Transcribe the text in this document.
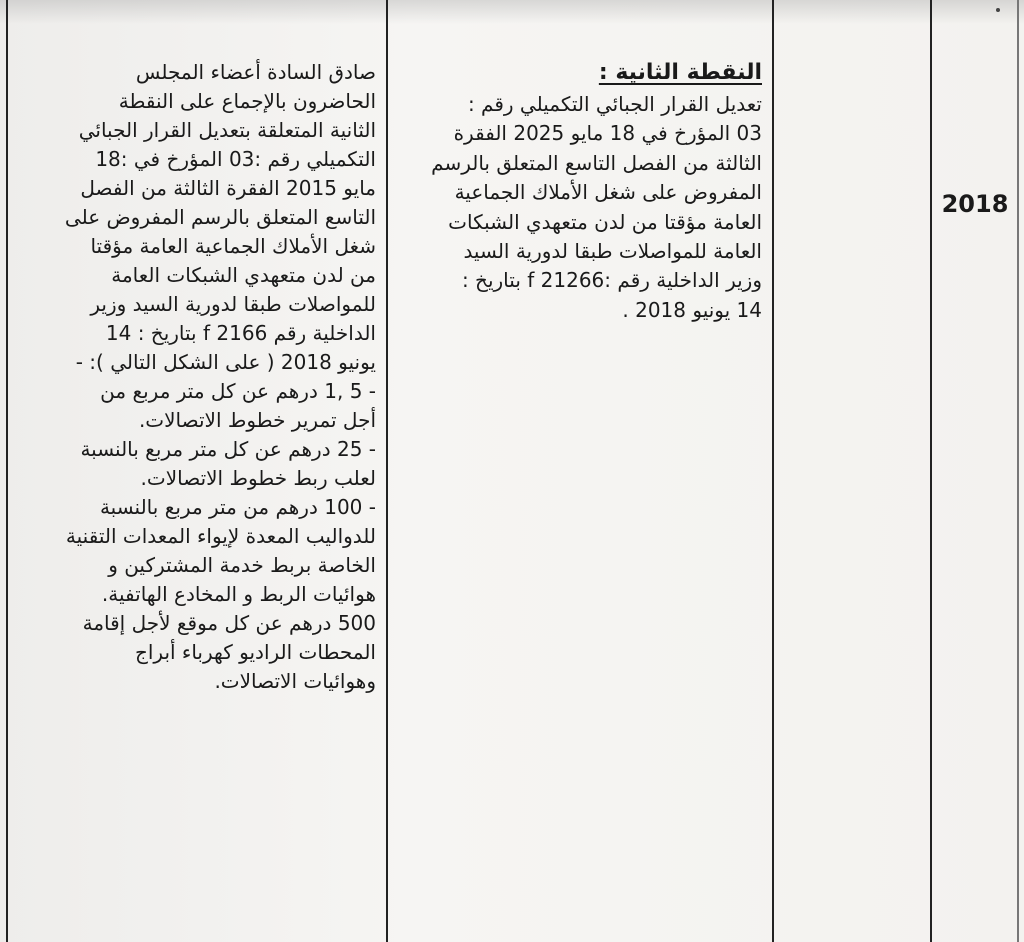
2018

النقطة الثانية :

تعديل القرار الجبائي التكميلي رقم :

03 المؤرخ في 18 مايو 2025 الفقرة

الثالثة من الفصل التاسع المتعلق بالرسم

المفروض على شغل الأملاك الجماعية

العامة مؤقتا من لدن متعهدي الشبكات

العامة للمواصلات طبقا لدورية السيد

وزير الداخلية رقم :21266 f بتاريخ :

14 يونيو 2018 .

صادق السادة أعضاء المجلس

الحاضرون بالإجماع على النقطة

الثانية المتعلقة بتعديل القرار الجبائي

التكميلي رقم :03 المؤرخ في :18

مايو 2015 الفقرة الثالثة من الفصل

التاسع المتعلق بالرسم المفروض على

شغل الأملاك الجماعية العامة مؤقتا

من لدن متعهدي الشبكات العامة

للمواصلات طبقا لدورية السيد وزير

الداخلية رقم 2166 f بتاريخ : 14

يونيو 2018 ( على الشكل التالي ): -

- 5 ,1 درهم عن كل متر مربع من

أجل تمرير خطوط الاتصالات.

- 25 درهم عن كل متر مربع بالنسبة

لعلب ربط خطوط الاتصالات.

- 100 درهم من متر مربع بالنسبة

للدواليب المعدة لإيواء المعدات التقنية

الخاصة بربط خدمة المشتركين و

هوائيات الربط و المخادع الهاتفية.

500 درهم عن كل موقع لأجل إقامة

المحطات الراديو كهرباء أبراج

وهوائيات الاتصالات.
